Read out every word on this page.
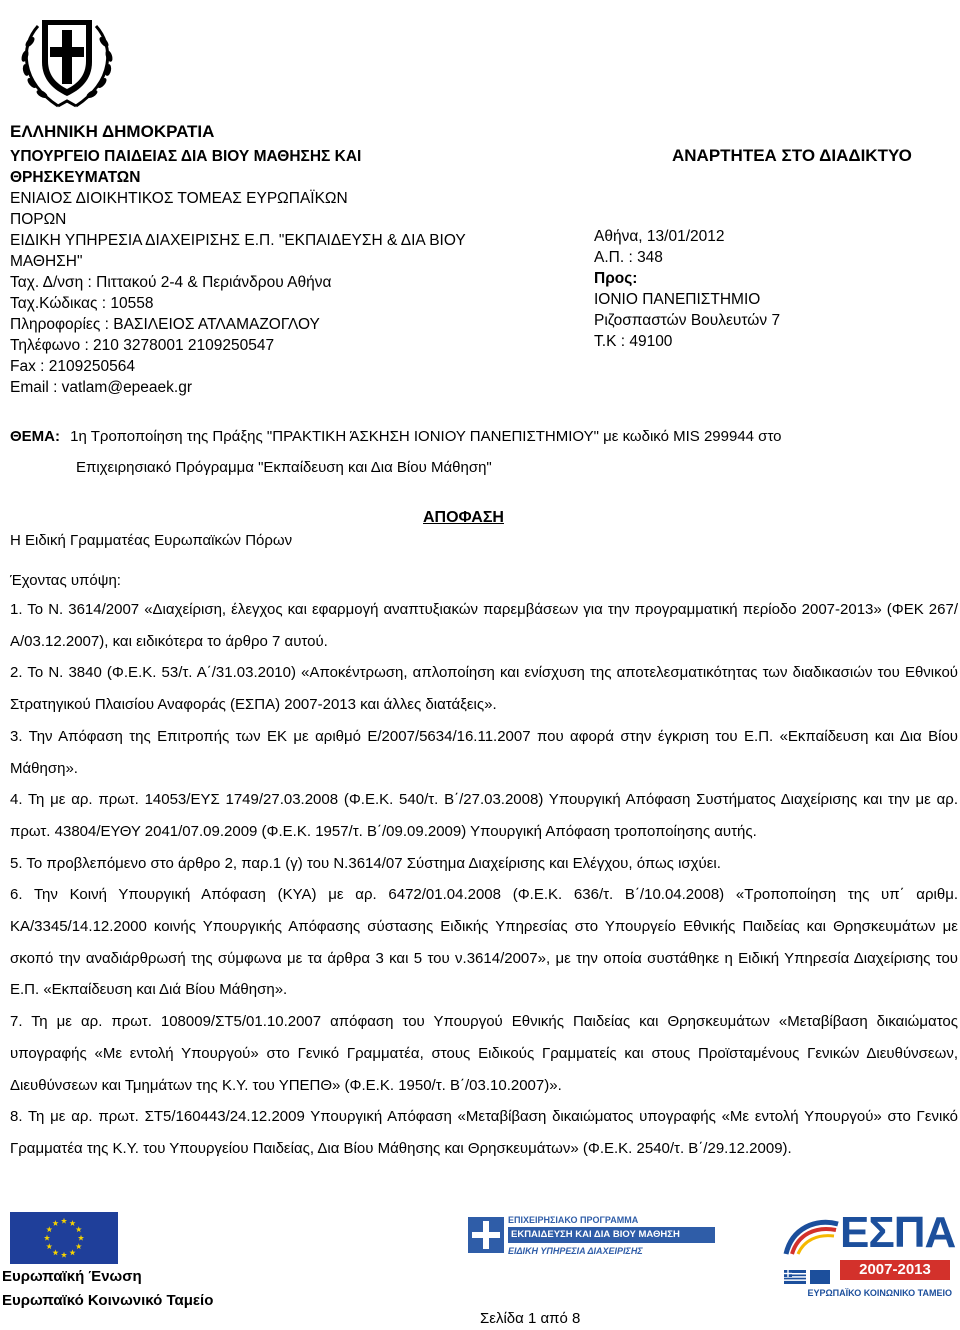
ΕΛΛΗΝΙΚΗ ΔΗΜΟΚΡΑΤΙΑ
ΥΠΟΥΡΓΕΙΟ ΠΑΙΔΕΙΑΣ ΔΙΑ ΒΙΟΥ ΜΑΘΗΣΗΣ ΚΑΙ
ΘΡΗΣΚΕΥΜΑΤΩΝ
ΕΝΙΑΙΟΣ ΔΙΟΙΚΗΤΙΚΟΣ ΤΟΜΕΑΣ ΕΥΡΩΠΑΪΚΩΝ
ΠΟΡΩΝ
ΕΙΔΙΚΗ ΥΠΗΡΕΣΙΑ ΔΙΑΧΕΙΡΙΣΗΣ Ε.Π. "ΕΚΠΑΙΔΕΥΣΗ & ΔΙΑ ΒΙΟΥ
ΜΑΘΗΣΗ"
Ταχ. Δ/νση : Πιττακού 2-4 & Περιάνδρου Αθήνα
Ταχ.Κώδικας : 10558
Πληροφορίες : ΒΑΣΙΛΕΙΟΣ ΑΤΛΑΜΑΖΟΓΛΟΥ
Τηλέφωνο : 210 3278001 2109250547
Fax : 2109250564
Email : vatlam@epeaek.gr
ΑΝΑΡΤΗΤΕΑ ΣΤΟ ΔΙΑΔΙΚΤΥΟ
Αθήνα, 13/01/2012
Α.Π. : 348
Προς:
ΙΟΝΙΟ ΠΑΝΕΠΙΣΤΗΜΙΟ
Ριζοσπαστών Βουλευτών 7
Τ.Κ : 49100
ΘΕΜΑ: 1η Τροποποίηση της Πράξης "ΠΡΑΚΤΙΚΗ ΆΣΚΗΣΗ ΙΟΝΙΟΥ ΠΑΝΕΠΙΣΤΗΜΙΟΥ" με κωδικό MIS 299944 στο
Επιχειρησιακό Πρόγραμμα "Εκπαίδευση και Δια Βίου Μάθηση"
ΑΠΟΦΑΣΗ
Η Ειδική Γραμματέας Ευρωπαϊκών Πόρων
Έχοντας υπόψη:

1. Το Ν. 3614/2007 «Διαχείριση, έλεγχος και εφαρμογή αναπτυξιακών παρεμβάσεων για την προγραμματική περίοδο 2007-2013» (ΦΕΚ 267/Α/03.12.2007), και ειδικότερα το άρθρο 7 αυτού.

2. Το Ν. 3840 (Φ.Ε.Κ. 53/τ. Α΄/31.03.2010) «Αποκέντρωση, απλοποίηση και ενίσχυση της αποτελεσματικότητας των διαδικασιών του Εθνικού Στρατηγικού Πλαισίου Αναφοράς (ΕΣΠΑ) 2007-2013 και άλλες διατάξεις».

3. Την Απόφαση της Επιτροπής των ΕΚ με αριθμό Ε/2007/5634/16.11.2007 που αφορά στην έγκριση του Ε.Π. «Εκπαίδευση και Δια Βίου Μάθηση».

4. Τη με αρ. πρωτ. 14053/ΕΥΣ 1749/27.03.2008 (Φ.Ε.Κ. 540/τ. Β΄/27.03.2008) Υπουργική Απόφαση Συστήματος Διαχείρισης και την με αρ. πρωτ. 43804/ΕΥΘΥ 2041/07.09.2009 (Φ.Ε.Κ. 1957/τ. Β΄/09.09.2009) Υπουργική Απόφαση τροποποίησης αυτής.

5. Το προβλεπόμενο στο άρθρο 2, παρ.1 (γ) του Ν.3614/07 Σύστημα Διαχείρισης και Ελέγχου, όπως ισχύει.

6. Την Κοινή Υπουργική Απόφαση (ΚΥΑ) με αρ. 6472/01.04.2008 (Φ.Ε.Κ. 636/τ. Β΄/10.04.2008) «Τροποποίηση της υπ΄ αριθμ. ΚΑ/3345/14.12.2000 κοινής Υπουργικής Απόφασης σύστασης Ειδικής Υπηρεσίας στο Υπουργείο Εθνικής Παιδείας και Θρησκευμάτων με σκοπό την αναδιάρθρωσή της σύμφωνα με τα άρθρα 3 και 5 του ν.3614/2007», με την οποία συστάθηκε η Ειδική Υπηρεσία Διαχείρισης του Ε.Π. «Εκπαίδευση και Διά Βίου Μάθηση».

7. Τη με αρ. πρωτ. 108009/ΣΤ5/01.10.2007 απόφαση του Υπουργού Εθνικής Παιδείας και Θρησκευμάτων «Μεταβίβαση δικαιώματος υπογραφής «Με εντολή Υπουργού» στο Γενικό Γραμματέα, στους Ειδικούς Γραμματείς και στους Προϊσταμένους Γενικών Διευθύνσεων, Διευθύνσεων και Τμημάτων της Κ.Υ. του ΥΠΕΠΘ» (Φ.Ε.Κ. 1950/τ. Β΄/03.10.2007)».

8. Τη με αρ. πρωτ. ΣΤ5/160443/24.12.2009 Υπουργική Απόφαση «Μεταβίβαση δικαιώματος υπογραφής «Με εντολή Υπουργού» στο Γενικό Γραμματέα της Κ.Υ. του Υπουργείου Παιδείας, Δια Βίου Μάθησης και Θρησκευμάτων» (Φ.Ε.Κ. 2540/τ. Β΄/29.12.2009).

Ευρωπαϊκή Ένωση
Ευρωπαϊκό Κοινωνικό Ταμείο
ΕΠΙΧΕΙΡΗΣΙΑΚΟ ΠΡΟΓΡΑΜΜΑ
ΕΚΠΑΙΔΕΥΣΗ ΚΑΙ ΔΙΑ ΒΙΟΥ ΜΑΘΗΣΗ
ΕΙΔΙΚΗ ΥΠΗΡΕΣΙΑ ΔΙΑΧΕΙΡΙΣΗΣ	ΕΣΠΑ
2007-2013
ΕΥΡΩΠΑΪΚΟ ΚΟΙΝΩΝΙΚΟ ΤΑΜΕΙΟ
Σελίδα 1 από 8
